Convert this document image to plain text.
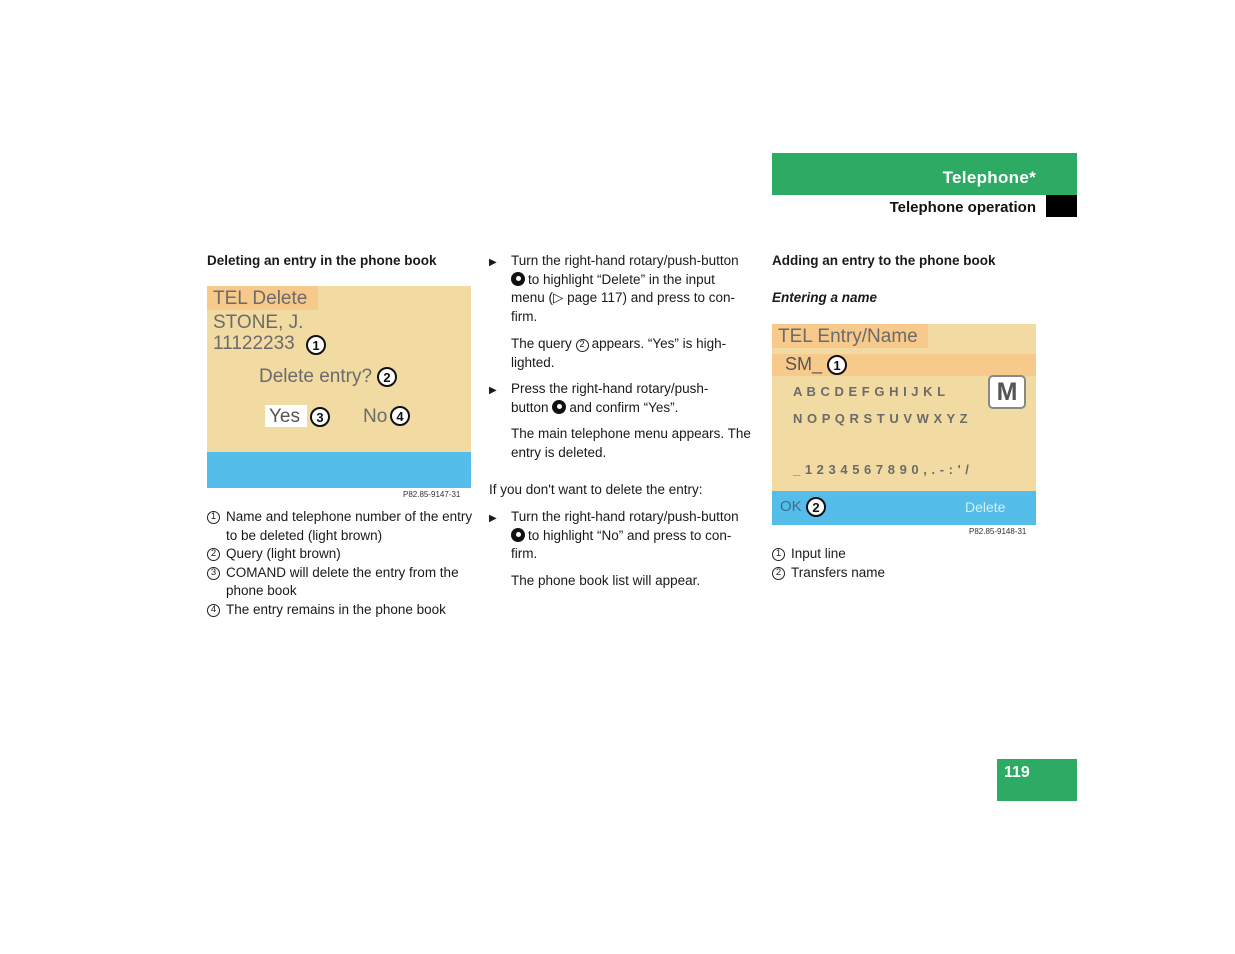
Telephone*
Telephone operation
Deleting an entry in the phone book
TEL Delete
STONE, J.
11122233	1
Delete entry? 2
Yes	3	No 4
P82.85-9147-31
1 Name and telephone number of the entry to be deleted (light brown)
2 Query (light brown)
3 COMAND will delete the entry from the phone book
4 The entry remains in the phone book
▶ Turn the right-hand rotary/push-button

to highlight “Delete” in the input

menu (▷ page 117) and press to con-

firm.

The query 2 appears. “Yes” is high-

lighted.

▶ Press the right-hand rotary/push-

button and confirm “Yes”.

The main telephone menu appears. The

entry is deleted.

If you don't want to delete the entry:
▶ Turn the right-hand rotary/push-button

to highlight “No” and press to con-

firm.

The phone book list will appear.
Adding an entry to the phone book
Entering a name
TEL Entry/Name
SM_ 1
A B C D E F G H I J K L M
N O P Q R S T U V W X Y Z
_ 1 2 3 4 5 6 7 8 9 0 , . - : ' /
OK 2	Delete
P82.85-9148-31
1 Input line
2 Transfers name
119
